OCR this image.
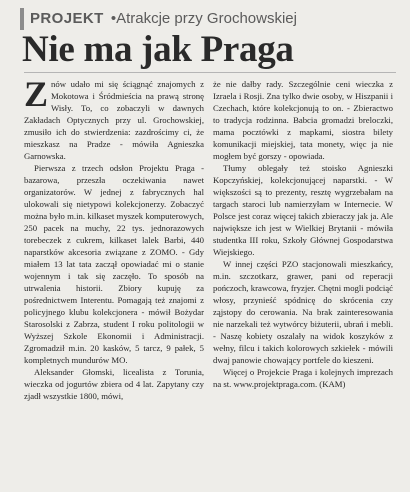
PROJEKT •Atrakcje przy Grochowskiej
Nie ma jak Praga

Znów udało mi się ściągnąć znajomych z Mokotowa i Śródmieścia na prawą stronę Wisły. To, co zobaczyli w dawnych Zakładach Optycznych przy ul. Grochowskiej, zmusiło ich do stwierdzenia: zazdrościmy ci, że mieszkasz na Pradze - mówiła Agnieszka Garnowska.

Pierwsza z trzech odsłon Projektu Praga - bazarowa, przeszła oczekiwania nawet organizatorów. W jednej z fabrycznych hal ulokowali się nietypowi kolekcjonerzy. Zobaczyć można było m.in. kilkaset myszek komputerowych, 250 pacek na muchy, 22 tys. jednorazowych torebeczek z cukrem, kilkaset lalek Barbi, 440 naparstków akcesoria związane z ZOMO. - Gdy miałem 13 lat tata zaczął opowiadać mi o stanie wojennym i tak się zaczęło. To sposób na utrwalenia historii. Zbiory kupuję za pośrednictwem Interentu. Pomagają też znajomi z policyjnego klubu kolekcjonera - mówił Bożydar Starosolski z Zabrza, student I roku politologii w Wyższej Szkole Ekonomii i Administracji. Zgromadził m.in. 20 kasków, 5 tarcz, 9 pałek, 5 kompletnych mundurów MO.

Aleksander Głomski, licealista z Torunia, wieczka od jogurtów zbiera od 4 lat. Zapytany czy zjadł wszystkie 1800, mówi,

że nie dałby rady. Szczególnie ceni wieczka z Izraela i Rosji. Zna tylko dwie osoby, w Hiszpanii i Czechach, które kolekcjonują to on. - Zbieractwo to tradycja rodzinna. Babcia gromadzi breloczki, mama pocztówki z mapkami, siostra bilety komunikacji miejskiej, tata monety, więc ja nie mogłem być gorszy - opowiada.

Tłumy oblegały też stoisko Agnieszki Kopczyńskiej, kolekcjonującej naparstki. - W większości są to prezenty, resztę wygrzebałam na targach staroci lub namierzyłam w Internecie. W Polsce jest coraz więcej takich zbieraczy jak ja. Ale największe ich jest w Wielkiej Brytanii - mówiła studentka III roku, Szkoły Głównej Gospodarstwa Wiejskiego.

W innej części PZO stacjonowali mieszkańcy, m.in. szczotkarz, grawer, pani od reperacji pończoch, krawcowa, fryzjer. Chętni mogli podciąć włosy, przynieść spódnicę do skrócenia czy ząjstopy do cerowania. Na brak zainteresowania nie narzekali też wytwórcy biżuterii, ubrań i mebli. - Naszę kobiety oszalały na widok koszyków z wełny, filcu i takich kolorowych szkiełek - mówili dwaj panowie chowający portfele do kieszeni.

Więcej o Projekcie Praga i kolejnych imprezach na st. www.projektpraga.com. (KAM)
